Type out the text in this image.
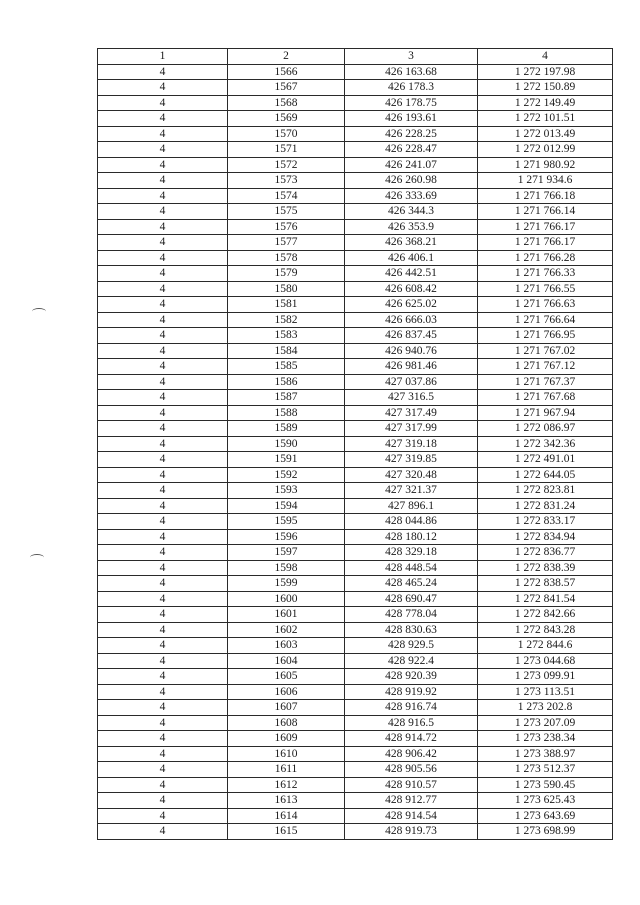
1	2	3	4
4	1566	426 163.68	1 272 197.98
4	1567	426 178.3	1 272 150.89
4	1568	426 178.75	1 272 149.49
4	1569	426 193.61	1 272 101.51
4	1570	426 228.25	1 272 013.49
4	1571	426 228.47	1 272 012.99
4	1572	426 241.07	1 271 980.92
4	1573	426 260.98	1 271 934.6
4	1574	426 333.69	1 271 766.18
4	1575	426 344.3	1 271 766.14
4	1576	426 353.9	1 271 766.17
4	1577	426 368.21	1 271 766.17
4	1578	426 406.1	1 271 766.28
4	1579	426 442.51	1 271 766.33
4	1580	426 608.42	1 271 766.55
4	1581	426 625.02	1 271 766.63
4	1582	426 666.03	1 271 766.64
4	1583	426 837.45	1 271 766.95
4	1584	426 940.76	1 271 767.02
4	1585	426 981.46	1 271 767.12
4	1586	427 037.86	1 271 767.37
4	1587	427 316.5	1 271 767.68
4	1588	427 317.49	1 271 967.94
4	1589	427 317.99	1 272 086.97
4	1590	427 319.18	1 272 342.36
4	1591	427 319.85	1 272 491.01
4	1592	427 320.48	1 272 644.05
4	1593	427 321.37	1 272 823.81
4	1594	427 896.1	1 272 831.24
4	1595	428 044.86	1 272 833.17
4	1596	428 180.12	1 272 834.94
4	1597	428 329.18	1 272 836.77
4	1598	428 448.54	1 272 838.39
4	1599	428 465.24	1 272 838.57
4	1600	428 690.47	1 272 841.54
4	1601	428 778.04	1 272 842.66
4	1602	428 830.63	1 272 843.28
4	1603	428 929.5	1 272 844.6
4	1604	428 922.4	1 273 044.68
4	1605	428 920.39	1 273 099.91
4	1606	428 919.92	1 273 113.51
4	1607	428 916.74	1 273 202.8
4	1608	428 916.5	1 273 207.09
4	1609	428 914.72	1 273 238.34
4	1610	428 906.42	1 273 388.97
4	1611	428 905.56	1 273 512.37
4	1612	428 910.57	1 273 590.45
4	1613	428 912.77	1 273 625.43
4	1614	428 914.54	1 273 643.69
4	1615	428 919.73	1 273 698.99
